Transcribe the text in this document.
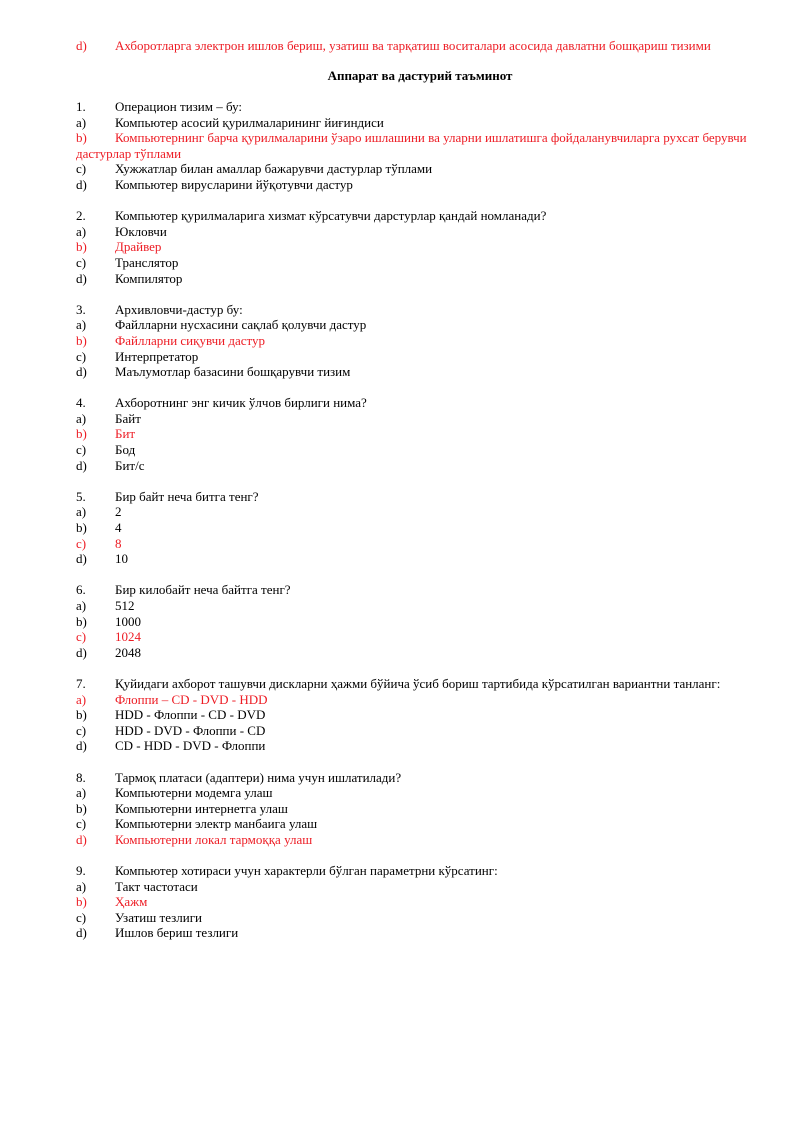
d)	Ахборотларга электрон ишлов бериш, узатиш ва тарқатиш воситалари асосида давлатни бошқариш тизими
Аппарат ва дастурий таъминот
1.	Операцион тизим – бу:
a)	Компьютер асосий қурилмаларининг йиғиндиси
b) Компьютернинг барча қурилмаларини ўзаро ишлашини ва уларни ишлатишга фойдаланувчиларга рухсат берувчи дастурлар тўплами
c)	Хужжатлар билан амаллар бажарувчи дастурлар тўплами
d)	Компьютер вирусларини йўқотувчи дастур
2.	Компьютер қурилмаларига хизмат кўрсатувчи дарстурлар қандай номланади?
a)	Юкловчи
b)	Драйвер
c)	Транслятор
d)	Компилятор
3.	Архивловчи-дастур бу:
a)	Файлларни нусхасини сақлаб қолувчи дастур
b)	Файлларни сиқувчи дастур
c)	Интерпретатор
d)	Маълумотлар базасини бошқарувчи тизим
4.	Ахборотнинг энг кичик ўлчов бирлиги нима?
a)	Байт
b)	Бит
c)	Бод
d)	Бит/с
5.	Бир байт неча битга тенг?
a)	2
b)	4
c)	8
d)	10
6.	Бир килобайт неча байтга тенг?
a)	512
b)	1000
c)	1024
d)	2048
7.	Қуйидаги ахборот ташувчи дискларни ҳажми бўйича ўсиб бориш тартибида кўрсатилган вариантни танланг:
a)	Флоппи – CD - DVD - HDD
b)	HDD - Флоппи - CD - DVD
c)	HDD - DVD - Флоппи - CD
d)	CD - HDD - DVD - Флоппи
8.	Тармоқ платаси (адаптери) нима учун ишлатилади?
a)	Компьютерни модемга улаш
b)	Компьютерни интернетга улаш
c)	Компьютерни электр манбаига улаш
d)	Компьютерни локал тармоққа улаш
9.	Компьютер хотираси учун характерли бўлган параметрни кўрсатинг:
a)	Такт частотаси
b)	Ҳажм
c)	Узатиш тезлиги
d)	Ишлов бериш тезлиги
